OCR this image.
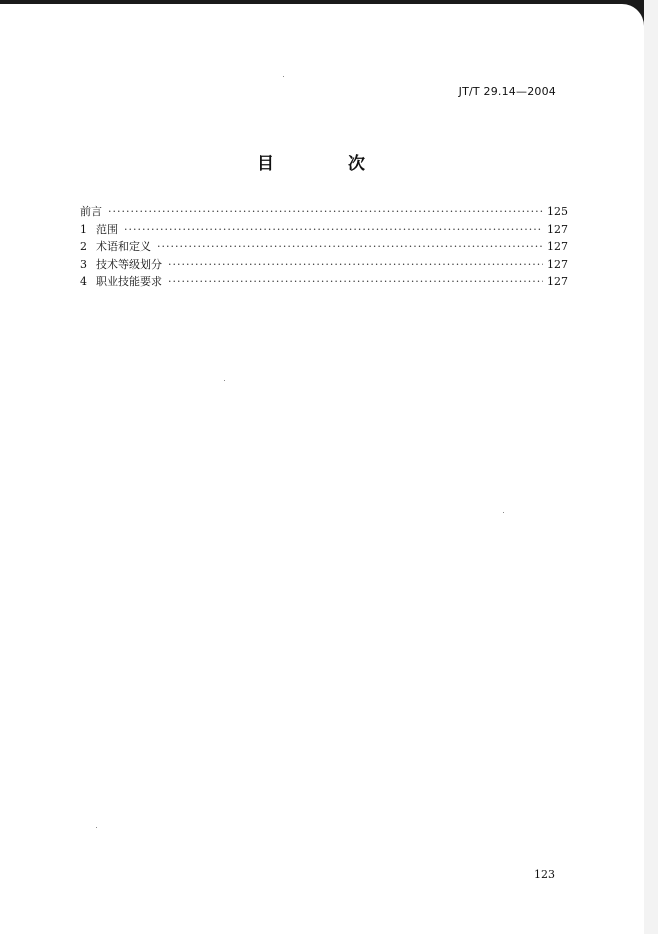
JT/T 29.14—2004
目 次
前言 ·····	125
1 范围 ·····	127
2 术语和定义 ·····	127
3 技术等级划分 ·····	127
4 职业技能要求 ·····	127
123
